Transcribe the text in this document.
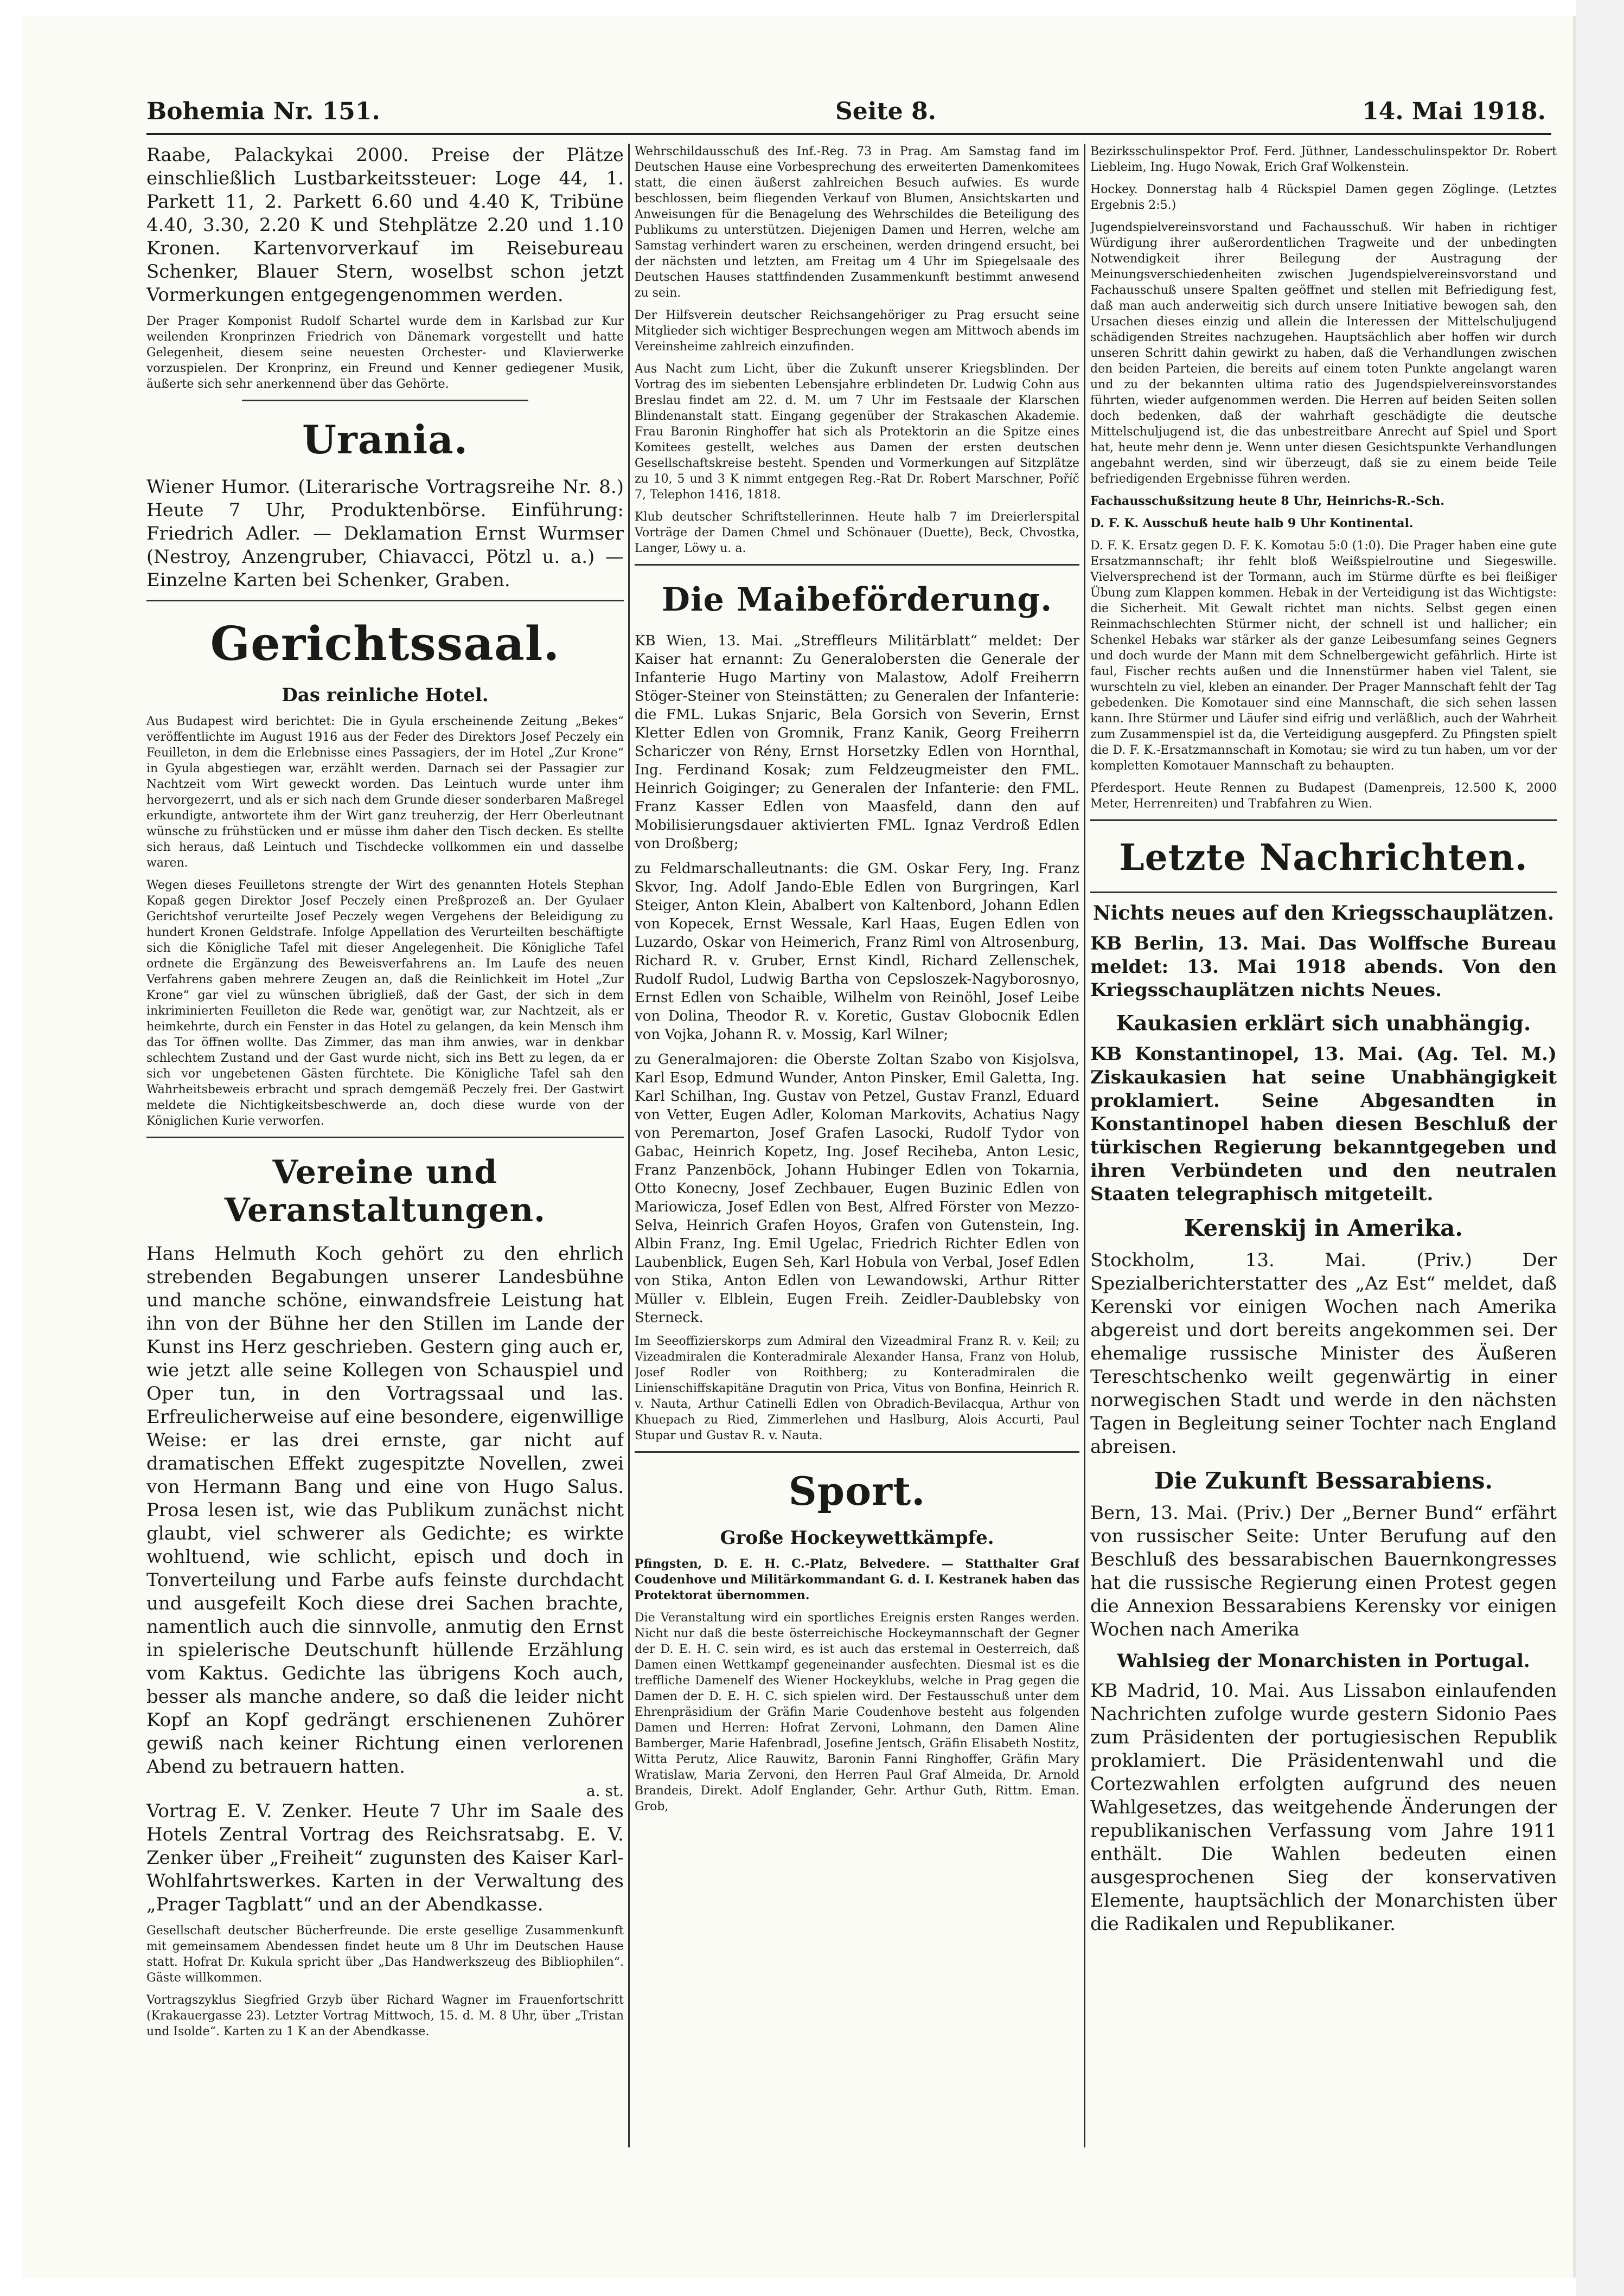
Bohemia Nr. 151.	Seite 8.	14. Mai 1918.

Raabe, Palackykai 2000. Preise der Plätze einschließlich Lustbarkeitssteuer: Loge 44, 1. Parkett 11, 2. Parkett 6.60 und 4.40 K, Tribüne 4.40, 3.30, 2.20 K und Stehplätze 2.20 und 1.10 Kronen. Kartenvorverkauf im Reisebureau Schenker, Blauer Stern, woselbst schon jetzt Vormerkungen entgegengenommen werden.

Der Prager Komponist Rudolf Schartel wurde dem in Karlsbad zur Kur weilenden Kronprinzen Friedrich von Dänemark vorgestellt und hatte Gelegenheit, diesem seine neuesten Orchester- und Klavierwerke vorzuspielen. Der Kronprinz, ein Freund und Kenner gediegener Musik, äußerte sich sehr anerkennend über das Gehörte.

Urania.

Wiener Humor. (Literarische Vortragsreihe Nr. 8.) Heute 7 Uhr, Produktenbörse. Einführung: Friedrich Adler. — Deklamation Ernst Wurmser (Nestroy, Anzengruber, Chiavacci, Pötzl u. a.) — Einzelne Karten bei Schenker, Graben.

Gerichtssaal.
Das reinliche Hotel.

Aus Budapest wird berichtet: Die in Gyula erscheinende Zeitung „Bekes“ veröffentlichte im August 1916 aus der Feder des Direktors Josef Peczely ein Feuilleton, in dem die Erlebnisse eines Passagiers, der im Hotel „Zur Krone“ in Gyula abgestiegen war, erzählt werden. Darnach sei der Passagier zur Nachtzeit vom Wirt geweckt worden. Das Leintuch wurde unter ihm hervorgezerrt, und als er sich nach dem Grunde dieser sonderbaren Maßregel erkundigte, antwortete ihm der Wirt ganz treuherzig, der Herr Oberleutnant wünsche zu frühstücken und er müsse ihm daher den Tisch decken. Es stellte sich heraus, daß Leintuch und Tischdecke vollkommen ein und dasselbe waren.

Wegen dieses Feuilletons strengte der Wirt des genannten Hotels Stephan Kopaß gegen Direktor Josef Peczely einen Preßprozeß an. Der Gyulaer Gerichtshof verurteilte Josef Peczely wegen Vergehens der Beleidigung zu hundert Kronen Geldstrafe. Infolge Appellation des Verurteilten beschäftigte sich die Königliche Tafel mit dieser Angelegenheit. Die Königliche Tafel ordnete die Ergänzung des Beweisverfahrens an. Im Laufe des neuen Verfahrens gaben mehrere Zeugen an, daß die Reinlichkeit im Hotel „Zur Krone“ gar viel zu wünschen übrigließ, daß der Gast, der sich in dem inkriminierten Feuilleton die Rede war, genötigt war, zur Nachtzeit, als er heimkehrte, durch ein Fenster in das Hotel zu gelangen, da kein Mensch ihm das Tor öffnen wollte. Das Zimmer, das man ihm anwies, war in denkbar schlechtem Zustand und der Gast wurde nicht, sich ins Bett zu legen, da er sich vor ungebetenen Gästen fürchtete. Die Königliche Tafel sah den Wahrheitsbeweis erbracht und sprach demgemäß Peczely frei. Der Gastwirt meldete die Nichtigkeitsbeschwerde an, doch diese wurde von der Königlichen Kurie verworfen.

Vereine und Veranstaltungen.

Hans Helmuth Koch gehört zu den ehrlich strebenden Begabungen unserer Landesbühne und manche schöne, einwandsfreie Leistung hat ihn von der Bühne her den Stillen im Lande der Kunst ins Herz geschrieben. Gestern ging auch er, wie jetzt alle seine Kollegen von Schauspiel und Oper tun, in den Vortragssaal und las. Erfreulicherweise auf eine besondere, eigenwillige Weise: er las drei ernste, gar nicht auf dramatischen Effekt zugespitzte Novellen, zwei von Hermann Bang und eine von Hugo Salus. Prosa lesen ist, wie das Publikum zunächst nicht glaubt, viel schwerer als Gedichte; es wirkte wohltuend, wie schlicht, episch und doch in Tonverteilung und Farbe aufs feinste durchdacht und ausgefeilt Koch diese drei Sachen brachte, namentlich auch die sinnvolle, anmutig den Ernst in spielerische Deutschunft hüllende Erzählung vom Kaktus. Gedichte las übrigens Koch auch, besser als manche andere, so daß die leider nicht Kopf an Kopf gedrängt erschienenen Zuhörer gewiß nach keiner Richtung einen verlorenen Abend zu betrauern hatten.

a. st.

Vortrag E. V. Zenker. Heute 7 Uhr im Saale des Hotels Zentral Vortrag des Reichsratsabg. E. V. Zenker über „Freiheit“ zugunsten des Kaiser Karl-Wohlfahrtswerkes. Karten in der Verwaltung des „Prager Tagblatt“ und an der Abendkasse.

Gesellschaft deutscher Bücherfreunde. Die erste gesellige Zusammenkunft mit gemeinsamem Abendessen findet heute um 8 Uhr im Deutschen Hause statt. Hofrat Dr. Kukula spricht über „Das Handwerkszeug des Bibliophilen“. Gäste willkommen.

Vortragszyklus Siegfried Grzyb über Richard Wagner im Frauenfortschritt (Krakauergasse 23). Letzter Vortrag Mittwoch, 15. d. M. 8 Uhr, über „Tristan und Isolde“. Karten zu 1 K an der Abendkasse.

Wehrschildausschuß des Inf.-Reg. 73 in Prag. Am Samstag fand im Deutschen Hause eine Vorbesprechung des erweiterten Damenkomitees statt, die einen äußerst zahlreichen Besuch aufwies. Es wurde beschlossen, beim fliegenden Verkauf von Blumen, Ansichtskarten und Anweisungen für die Benagelung des Wehrschildes die Beteiligung des Publikums zu unterstützen. Diejenigen Damen und Herren, welche am Samstag verhindert waren zu erscheinen, werden dringend ersucht, bei der nächsten und letzten, am Freitag um 4 Uhr im Spiegelsaale des Deutschen Hauses stattfindenden Zusammenkunft bestimmt anwesend zu sein.

Der Hilfsverein deutscher Reichsangehöriger zu Prag ersucht seine Mitglieder sich wichtiger Besprechungen wegen am Mittwoch abends im Vereinsheime zahlreich einzufinden.

Aus Nacht zum Licht, über die Zukunft unserer Kriegsblinden. Der Vortrag des im siebenten Lebensjahre erblindeten Dr. Ludwig Cohn aus Breslau findet am 22. d. M. um 7 Uhr im Festsaale der Klarschen Blindenanstalt statt. Eingang gegenüber der Strakaschen Akademie. Frau Baronin Ringhoffer hat sich als Protektorin an die Spitze eines Komitees gestellt, welches aus Damen der ersten deutschen Gesellschaftskreise besteht. Spenden und Vormerkungen auf Sitzplätze zu 10, 5 und 3 K nimmt entgegen Reg.-Rat Dr. Robert Marschner, Poříč 7, Telephon 1416, 1818.

Klub deutscher Schriftstellerinnen. Heute halb 7 im Dreierlerspital Vorträge der Damen Chmel und Schönauer (Duette), Beck, Chvostka, Langer, Löwy u. a.

Die Maibeförderung.

KB Wien, 13. Mai. „Streffleurs Militärblatt“ meldet: Der Kaiser hat ernannt: Zu Generalobersten die Generale der Infanterie Hugo Martiny von Malastow, Adolf Freiherrn Stöger-Steiner von Steinstätten; zu Generalen der Infanterie: die FML. Lukas Snjaric, Bela Gorsich von Severin, Ernst Kletter Edlen von Gromnik, Franz Kanik, Georg Freiherrn Schariczer von Rény, Ernst Horsetzky Edlen von Hornthal, Ing. Ferdinand Kosak; zum Feldzeugmeister den FML. Heinrich Goiginger; zu Generalen der Infanterie: den FML. Franz Kasser Edlen von Maasfeld, dann den auf Mobilisierungsdauer aktivierten FML. Ignaz Verdroß Edlen von Droßberg;

zu Feldmarschalleutnants: die GM. Oskar Fery, Ing. Franz Skvor, Ing. Adolf Jando-Eble Edlen von Burgringen, Karl Steiger, Anton Klein, Abalbert von Kaltenbord, Johann Edlen von Kopecek, Ernst Wessale, Karl Haas, Eugen Edlen von Luzardo, Oskar von Heimerich, Franz Riml von Altrosenburg, Richard R. v. Gruber, Ernst Kindl, Richard Zellenschek, Rudolf Rudol, Ludwig Bartha von Cepsloszek-Nagyborosnyo, Ernst Edlen von Schaible, Wilhelm von Reinöhl, Josef Leibe von Dolina, Theodor R. v. Koretic, Gustav Globocnik Edlen von Vojka, Johann R. v. Mossig, Karl Wilner;

zu Generalmajoren: die Oberste Zoltan Szabo von Kisjolsva, Karl Esop, Edmund Wunder, Anton Pinsker, Emil Galetta, Ing. Karl Schilhan, Ing. Gustav von Petzel, Gustav Franzl, Eduard von Vetter, Eugen Adler, Koloman Markovits, Achatius Nagy von Peremarton, Josef Grafen Lasocki, Rudolf Tydor von Gabac, Heinrich Kopetz, Ing. Josef Reciheba, Anton Lesic, Franz Panzenböck, Johann Hubinger Edlen von Tokarnia, Otto Konecny, Josef Zechbauer, Eugen Buzinic Edlen von Mariowicza, Josef Edlen von Best, Alfred Förster von Mezzo-Selva, Heinrich Grafen Hoyos, Grafen von Gutenstein, Ing. Albin Franz, Ing. Emil Ugelac, Friedrich Richter Edlen von Laubenblick, Eugen Seh, Karl Hobula von Verbal, Josef Edlen von Stika, Anton Edlen von Lewandowski, Arthur Ritter Müller v. Elblein, Eugen Freih. Zeidler-Daublebsky von Sterneck.

Im Seeoffizierskorps zum Admiral den Vizeadmiral Franz R. v. Keil; zu Vizeadmiralen die Konteradmirale Alexander Hansa, Franz von Holub, Josef Rodler von Roithberg; zu Konteradmiralen die Linienschiffskapitäne Dragutin von Prica, Vitus von Bonfina, Heinrich R. v. Nauta, Arthur Catinelli Edlen von Obradich-Bevilacqua, Arthur von Khuepach zu Ried, Zimmerlehen und Haslburg, Alois Accurti, Paul Stupar und Gustav R. v. Nauta.

Sport.
Große Hockeywettkämpfe.

Pfingsten, D. E. H. C.-Platz, Belvedere. — Statthalter Graf Coudenhove und Militärkommandant G. d. I. Kestranek haben das Protektorat übernommen.

Die Veranstaltung wird ein sportliches Ereignis ersten Ranges werden. Nicht nur daß die beste österreichische Hockeymannschaft der Gegner der D. E. H. C. sein wird, es ist auch das erstemal in Oesterreich, daß Damen einen Wettkampf gegeneinander ausfechten. Diesmal ist es die treffliche Damenelf des Wiener Hockeyklubs, welche in Prag gegen die Damen der D. E. H. C. sich spielen wird. Der Festausschuß unter dem Ehrenpräsidium der Gräfin Marie Coudenhove besteht aus folgenden Damen und Herren: Hofrat Zervoni, Lohmann, den Damen Aline Bamberger, Marie Hafenbradl, Josefine Jentsch, Gräfin Elisabeth Nostitz, Witta Perutz, Alice Rauwitz, Baronin Fanni Ringhoffer, Gräfin Mary Wratislaw, Maria Zervoni, den Herren Paul Graf Almeida, Dr. Arnold Brandeis, Direkt. Adolf Englander, Gehr. Arthur Guth, Rittm. Eman. Grob,

Bezirksschulinspektor Prof. Ferd. Jüthner, Landesschulinspektor Dr. Robert Liebleim, Ing. Hugo Nowak, Erich Graf Wolkenstein.

Hockey. Donnerstag halb 4 Rückspiel Damen gegen Zöglinge. (Letztes Ergebnis 2:5.)

Jugendspielvereinsvorstand und Fachausschuß. Wir haben in richtiger Würdigung ihrer außerordentlichen Tragweite und der unbedingten Notwendigkeit ihrer Beilegung der Austragung der Meinungsverschiedenheiten zwischen Jugendspielvereinsvorstand und Fachausschuß unsere Spalten geöffnet und stellen mit Befriedigung fest, daß man auch anderweitig sich durch unsere Initiative bewogen sah, den Ursachen dieses einzig und allein die Interessen der Mittelschuljugend schädigenden Streites nachzugehen. Hauptsächlich aber hoffen wir durch unseren Schritt dahin gewirkt zu haben, daß die Verhandlungen zwischen den beiden Parteien, die bereits auf einem toten Punkte angelangt waren und zu der bekannten ultima ratio des Jugendspielvereinsvorstandes führten, wieder aufgenommen werden. Die Herren auf beiden Seiten sollen doch bedenken, daß der wahrhaft geschädigte die deutsche Mittelschuljugend ist, die das unbestreitbare Anrecht auf Spiel und Sport hat, heute mehr denn je. Wenn unter diesen Gesichtspunkte Verhandlungen angebahnt werden, sind wir überzeugt, daß sie zu einem beide Teile befriedigenden Ergebnisse führen werden.

Fachausschußsitzung heute 8 Uhr, Heinrichs-R.-Sch.

D. F. K. Ausschuß heute halb 9 Uhr Kontinental.

D. F. K. Ersatz gegen D. F. K. Komotau 5:0 (1:0). Die Prager haben eine gute Ersatzmannschaft; ihr fehlt bloß Weißspielroutine und Siegeswille. Vielversprechend ist der Tormann, auch im Stürme dürfte es bei fleißiger Übung zum Klappen kommen. Hebak in der Verteidigung ist das Wichtigste: die Sicherheit. Mit Gewalt richtet man nichts. Selbst gegen einen Reinmachschlechten Stürmer nicht, der schnell ist und hallicher; ein Schenkel Hebaks war stärker als der ganze Leibesumfang seines Gegners und doch wurde der Mann mit dem Schnelbergewicht gefährlich. Hirte ist faul, Fischer rechts außen und die Innenstürmer haben viel Talent, sie wurschteln zu viel, kleben an einander. Der Prager Mannschaft fehlt der Tag gebedenken. Die Komotauer sind eine Mannschaft, die sich sehen lassen kann. Ihre Stürmer und Läufer sind eifrig und verläßlich, auch der Wahrheit zum Zusammenspiel ist da, die Verteidigung ausgepferd. Zu Pfingsten spielt die D. F. K.-Ersatzmannschaft in Komotau; sie wird zu tun haben, um vor der kompletten Komotauer Mannschaft zu behaupten.

Pferdesport. Heute Rennen zu Budapest (Damenpreis, 12.500 K, 2000 Meter, Herrenreiten) und Trabfahren zu Wien.

Letzte Nachrichten.
Nichts neues auf den Kriegsschauplätzen.

KB Berlin, 13. Mai. Das Wolffsche Bureau meldet: 13. Mai 1918 abends. Von den Kriegsschauplätzen nichts Neues.

Kaukasien erklärt sich unabhängig.

KB Konstantinopel, 13. Mai. (Ag. Tel. M.) Ziskaukasien hat seine Unabhängigkeit proklamiert. Seine Abgesandten in Konstantinopel haben diesen Beschluß der türkischen Regierung bekanntgegeben und ihren Verbündeten und den neutralen Staaten telegraphisch mitgeteilt.

Kerenskij in Amerika.

Stockholm, 13. Mai. (Priv.) Der Spezialberichterstatter des „Az Est“ meldet, daß Kerenski vor einigen Wochen nach Amerika abgereist und dort bereits angekommen sei. Der ehemalige russische Minister des Äußeren Tereschtschenko weilt gegenwärtig in einer norwegischen Stadt und werde in den nächsten Tagen in Begleitung seiner Tochter nach England abreisen.

Die Zukunft Bessarabiens.

Bern, 13. Mai. (Priv.) Der „Berner Bund“ erfährt von russischer Seite: Unter Berufung auf den Beschluß des bessarabischen Bauernkongresses hat die russische Regierung einen Protest gegen die Annexion Bessarabiens Kerensky vor einigen Wochen nach Amerika

Wahlsieg der Monarchisten in Portugal.

KB Madrid, 10. Mai. Aus Lissabon einlaufenden Nachrichten zufolge wurde gestern Sidonio Paes zum Präsidenten der portugiesischen Republik proklamiert. Die Präsidentenwahl und die Cortezwahlen erfolgten aufgrund des neuen Wahlgesetzes, das weitgehende Änderungen der republikanischen Verfassung vom Jahre 1911 enthält. Die Wahlen bedeuten einen ausgesprochenen Sieg der konservativen Elemente, hauptsächlich der Monarchisten über die Radikalen und Republikaner.
